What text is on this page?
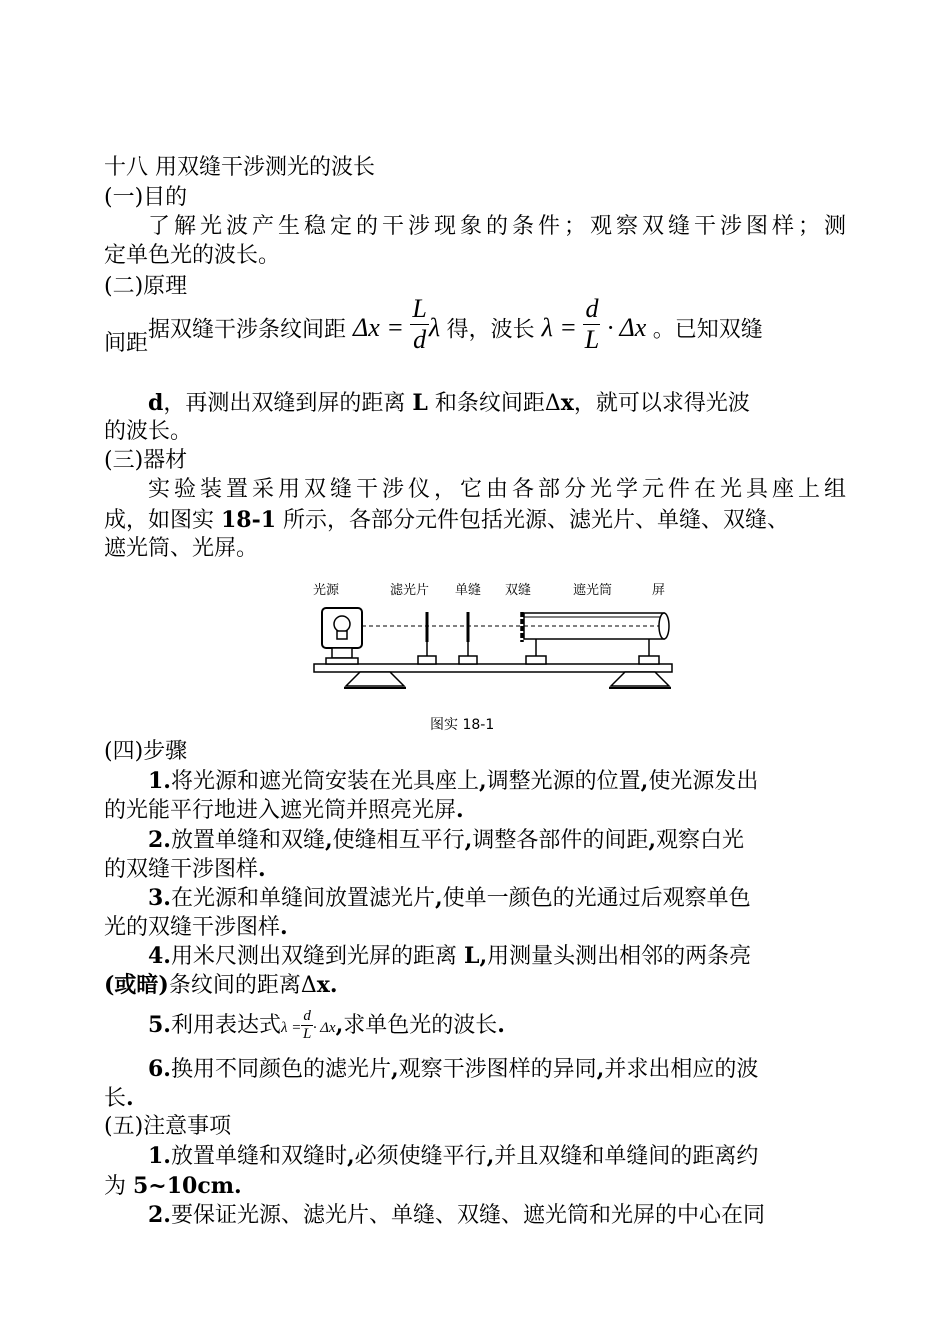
十八 用双缝干涉测光的波长
(一)目的
了解光波产生稳定的干涉现象的条件；观察双缝干涉图样；测
定单色光的波长。
(二)原理
据双缝干涉条纹间距 $\Delta x = \frac{L}{d}$ λ 得，波长 $\lambda = \frac{d}{L} \cdot \Delta x$ 。已知双缝
间距
d，再测出双缝到屏的距离 L 和条纹间距Δx，就可以求得光波
的波长。
(三)器材
实验装置采用双缝干涉仪，它由各部分光学元件在光具座上组
成，如图实 18-1 所示，各部分元件包括光源、滤光片、单缝、双缝、
遮光筒、光屏。
光源	滤光片 单缝 双缝	遮光筒	屏
图实 18-1
(四)步骤
1.将光源和遮光筒安装在光具座上,调整光源的位置,使光源发出
的光能平行地进入遮光筒并照亮光屏.
2.放置单缝和双缝,使缝相互平行,调整各部件的间距,观察白光
的双缝干涉图样.
3.在光源和单缝间放置滤光片,使单一颜色的光通过后观察单色
光的双缝干涉图样.
4.用米尺测出双缝到光屏的距离 L,用测量头测出相邻的两条亮
(或暗)条纹间的距离Δx.
5.利用表达式$\lambda = \frac{d}{L} \cdot \Delta x$,求单色光的波长.
6.换用不同颜色的滤光片,观察干涉图样的异同,并求出相应的波
长.
(五)注意事项
1.放置单缝和双缝时,必须使缝平行,并且双缝和单缝间的距离约
为 5~10cm.
2.要保证光源、滤光片、单缝、双缝、遮光筒和光屏的中心在同
